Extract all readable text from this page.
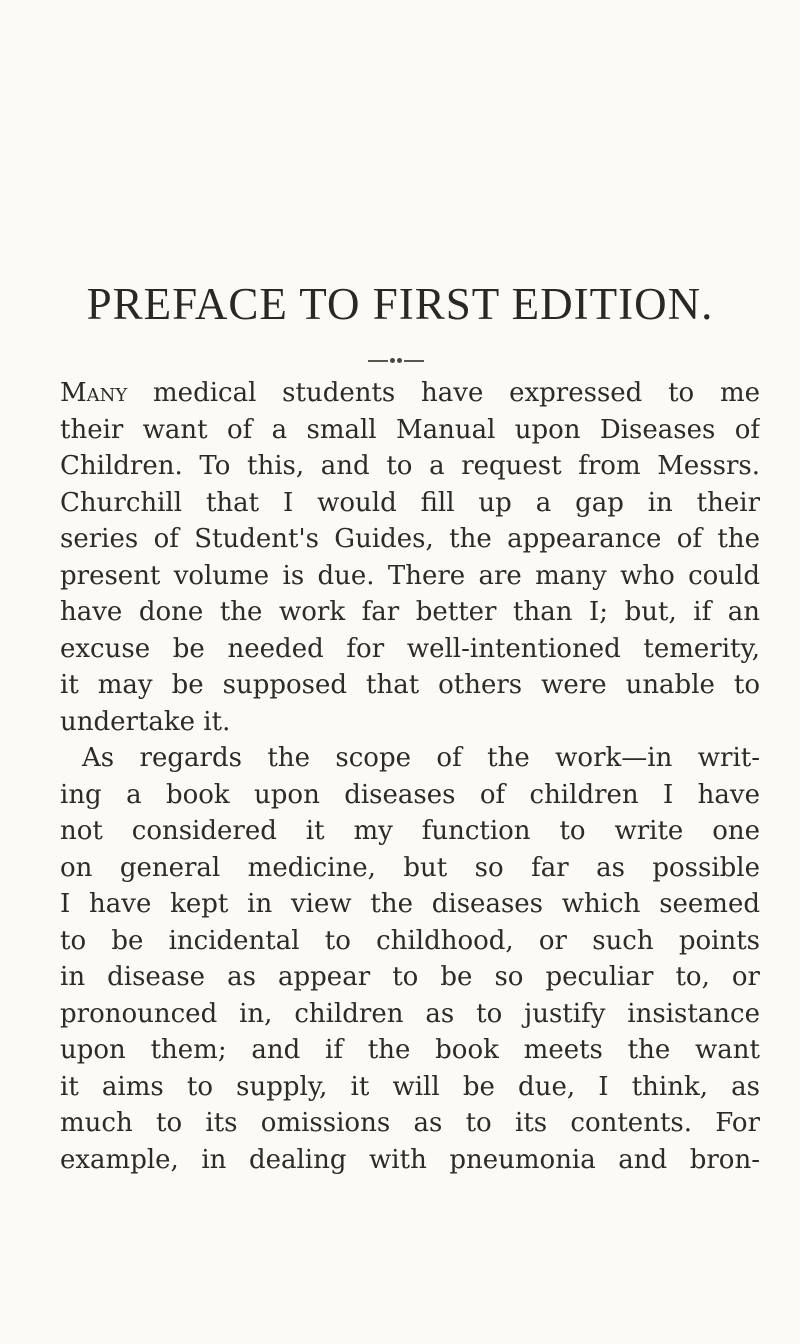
PREFACE TO FIRST EDITION.
Many medical students have expressed to me
their want of a small Manual upon Diseases of
Children. To this, and to a request from Messrs.
Churchill that I would fill up a gap in their
series of Student's Guides, the appearance of the
present volume is due. There are many who could
have done the work far better than I; but, if an
excuse be needed for well-intentioned temerity,
it may be supposed that others were unable to
undertake it.
As regards the scope of the work—in writ-
ing a book upon diseases of children I have
not considered it my function to write one
on general medicine, but so far as possible
I have kept in view the diseases which seemed
to be incidental to childhood, or such points
in disease as appear to be so peculiar to, or
pronounced in, children as to justify insistance
upon them; and if the book meets the want
it aims to supply, it will be due, I think, as
much to its omissions as to its contents. For
example, in dealing with pneumonia and bron-
